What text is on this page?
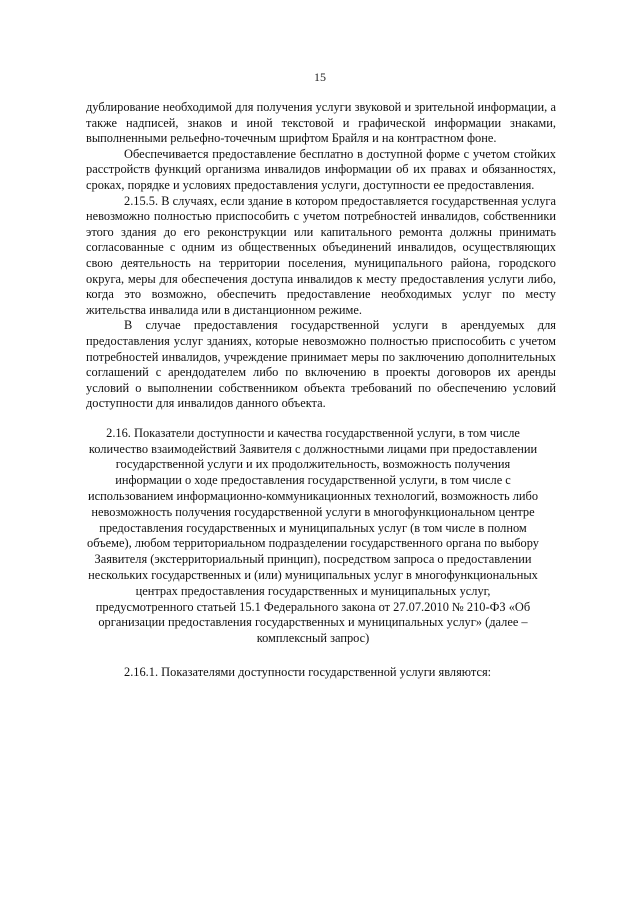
15

дублирование необходимой для получения услуги звуковой и зрительной информации, а также надписей, знаков и иной текстовой и графической информации знаками, выполненными рельефно-точечным шрифтом Брайля и на контрастном фоне.

Обеспечивается предоставление бесплатно в доступной форме с учетом стойких расстройств функций организма инвалидов информации об их правах и обязанностях, сроках, порядке и условиях предоставления услуги, доступности ее предоставления.

2.15.5. В случаях, если здание в котором предоставляется государственная услуга невозможно полностью приспособить с учетом потребностей инвалидов, собственники этого здания до его реконструкции или капитального ремонта должны принимать согласованные с одним из общественных объединений инвалидов, осуществляющих свою деятельность на территории поселения, муниципального района, городского округа, меры для обеспечения доступа инвалидов к месту предоставления услуги либо, когда это возможно, обеспечить предоставление необходимых услуг по месту жительства инвалида или в дистанционном режиме.

В случае предоставления государственной услуги в арендуемых для предоставления услуг зданиях, которые невозможно полностью приспособить с учетом потребностей инвалидов, учреждение принимает меры по заключению дополнительных соглашений с арендодателем либо по включению в проекты договоров их аренды условий о выполнении собственником объекта требований по обеспечению условий доступности для инвалидов данного объекта.

2.16. Показатели доступности и качества государственной услуги, в том числе количество взаимодействий Заявителя с должностными лицами при предоставлении государственной услуги и их продолжительность, возможность получения информации о ходе предоставления государственной услуги, в том числе с использованием информационно-коммуникационных технологий, возможность либо невозможность получения государственной услуги в многофункциональном центре предоставления государственных и муниципальных услуг (в том числе в полном объеме), любом территориальном подразделении государственного органа по выбору Заявителя (экстерриториальный принцип), посредством запроса о предоставлении нескольких государственных и (или) муниципальных услуг в многофункциональных центрах предоставления государственных и муниципальных услуг, предусмотренного статьей 15.1 Федерального закона от 27.07.2010 № 210-ФЗ «Об организации предоставления государственных и муниципальных услуг» (далее – комплексный запрос)

2.16.1. Показателями доступности государственной услуги являются:
